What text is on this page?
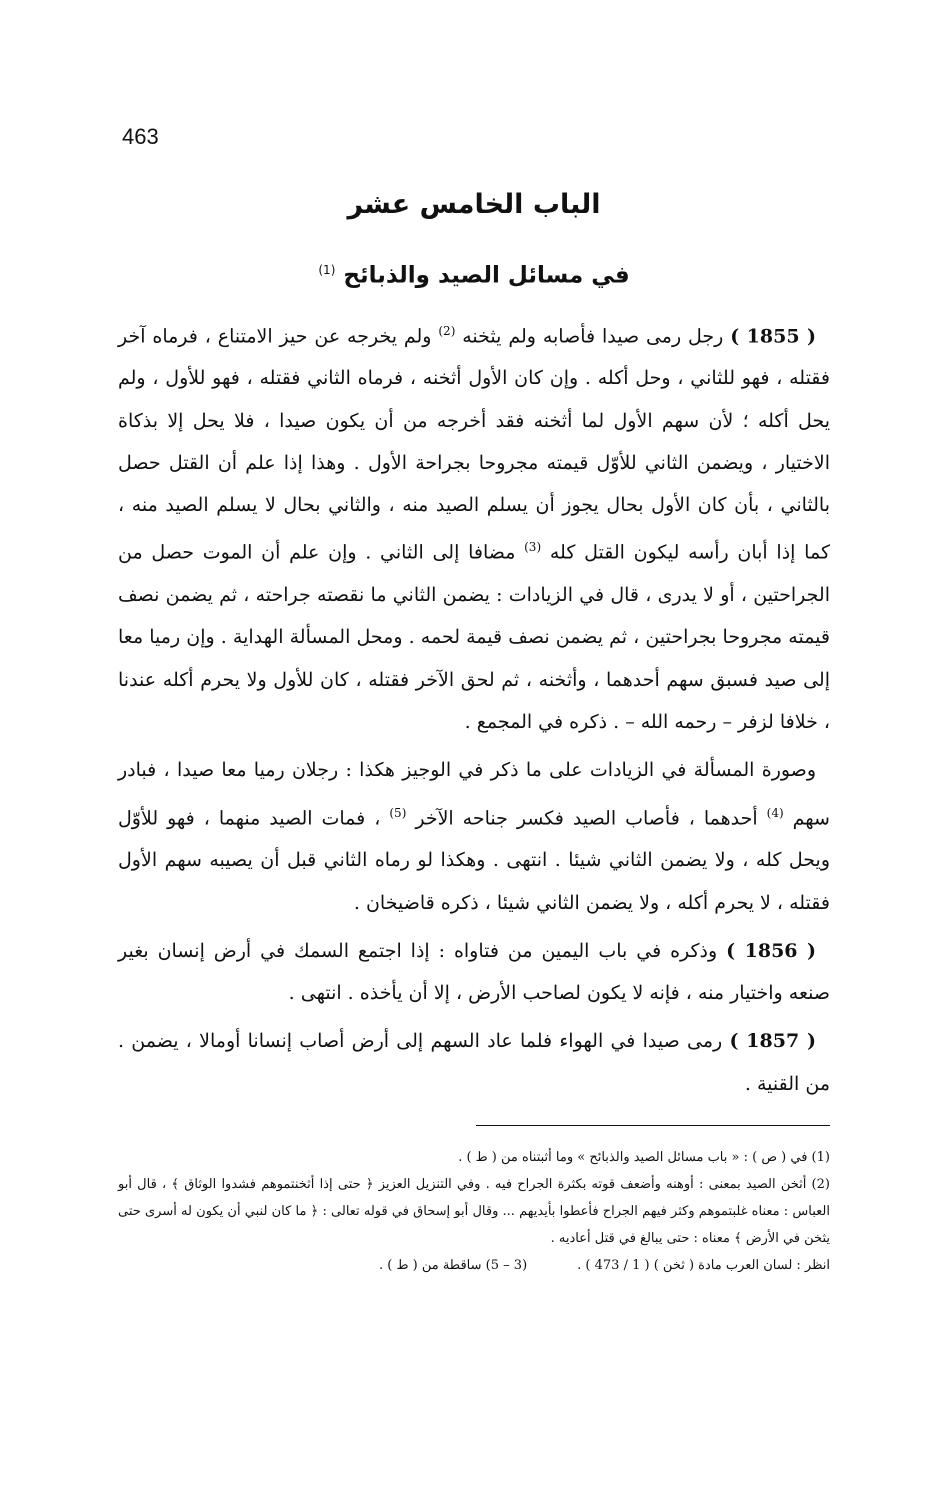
463
الباب الخامس عشر
في مسائل الصيد والذبائح $^{(1)}$

( 1855 ) رجل رمى صيدا فأصابه ولم يثخنه $^{(2)}$ ولم يخرجه عن حيز الامتناع ، فرماه آخر فقتله ، فهو للثاني ، وحل أكله . وإن كان الأول أثخنه ، فرماه الثاني فقتله ، فهو للأول ، ولم يحل أكله ؛ لأن سهم الأول لما أثخنه فقد أخرجه من أن يكون صيدا ، فلا يحل إلا بذكاة الاختيار ، ويضمن الثاني للأوّل قيمته مجروحا بجراحة الأول . وهذا إذا علم أن القتل حصل بالثاني ، بأن كان الأول بحال يجوز أن يسلم الصيد منه ، والثاني بحال لا يسلم الصيد منه ، كما إذا أبان رأسه ليكون القتل كله $^{(3)}$ مضافا إلى الثاني . وإن علم أن الموت حصل من الجراحتين ، أو لا يدرى ، قال في الزيادات : يضمن الثاني ما نقصته جراحته ، ثم يضمن نصف قيمته مجروحا بجراحتين ، ثم يضمن نصف قيمة لحمه . ومحل المسألة الهداية . وإن رميا معا إلى صيد فسبق سهم أحدهما ، وأثخنه ، ثم لحق الآخر فقتله ، كان للأول ولا يحرم أكله عندنا ، خلافا لزفر – رحمه الله – . ذكره في المجمع .

وصورة المسألة في الزيادات على ما ذكر في الوجيز هكذا : رجلان رميا معا صيدا ، فبادر سهم $^{(4)}$ أحدهما ، فأصاب الصيد فكسر جناحه الآخر $^{(5)}$ ، فمات الصيد منهما ، فهو للأوّل ويحل كله ، ولا يضمن الثاني شيئا . انتهى . وهكذا لو رماه الثاني قبل أن يصيبه سهم الأول فقتله ، لا يحرم أكله ، ولا يضمن الثاني شيئا ، ذكره قاضيخان .

( 1856 ) وذكره في باب اليمين من فتاواه : إذا اجتمع السمك في أرض إنسان بغير صنعه واختيار منه ، فإنه لا يكون لصاحب الأرض ، إلا أن يأخذه . انتهى .

( 1857 ) رمى صيدا في الهواء فلما عاد السهم إلى أرض أصاب إنسانا أومالا ، يضمن . من القنية .

(1) في ( ص ) : « باب مسائل الصيد والذبائح » وما أثبتناه من ( ط ) .

(2) أثخن الصيد بمعنى : أوهنه وأضعف قوته بكثرة الجراح فيه . وفي التنزيل العزيز ﴿ حتى إذا أثخنتموهم فشدوا الوثاق ﴾ ، قال أبو العباس : معناه غلبتموهم وكثر فيهم الجراح فأعطوا بأيديهم ... وقال أبو إسحاق في قوله تعالى : ﴿ ما كان لنبي أن يكون له أسرى حتى يثخن في الأرض ﴾ معناه : حتى يبالغ في قتل أعاديه .

انظر : لسان العرب مادة ( ثخن ) ( 1 / 473 ) .
(3 – 5) ساقطة من ( ط ) .
